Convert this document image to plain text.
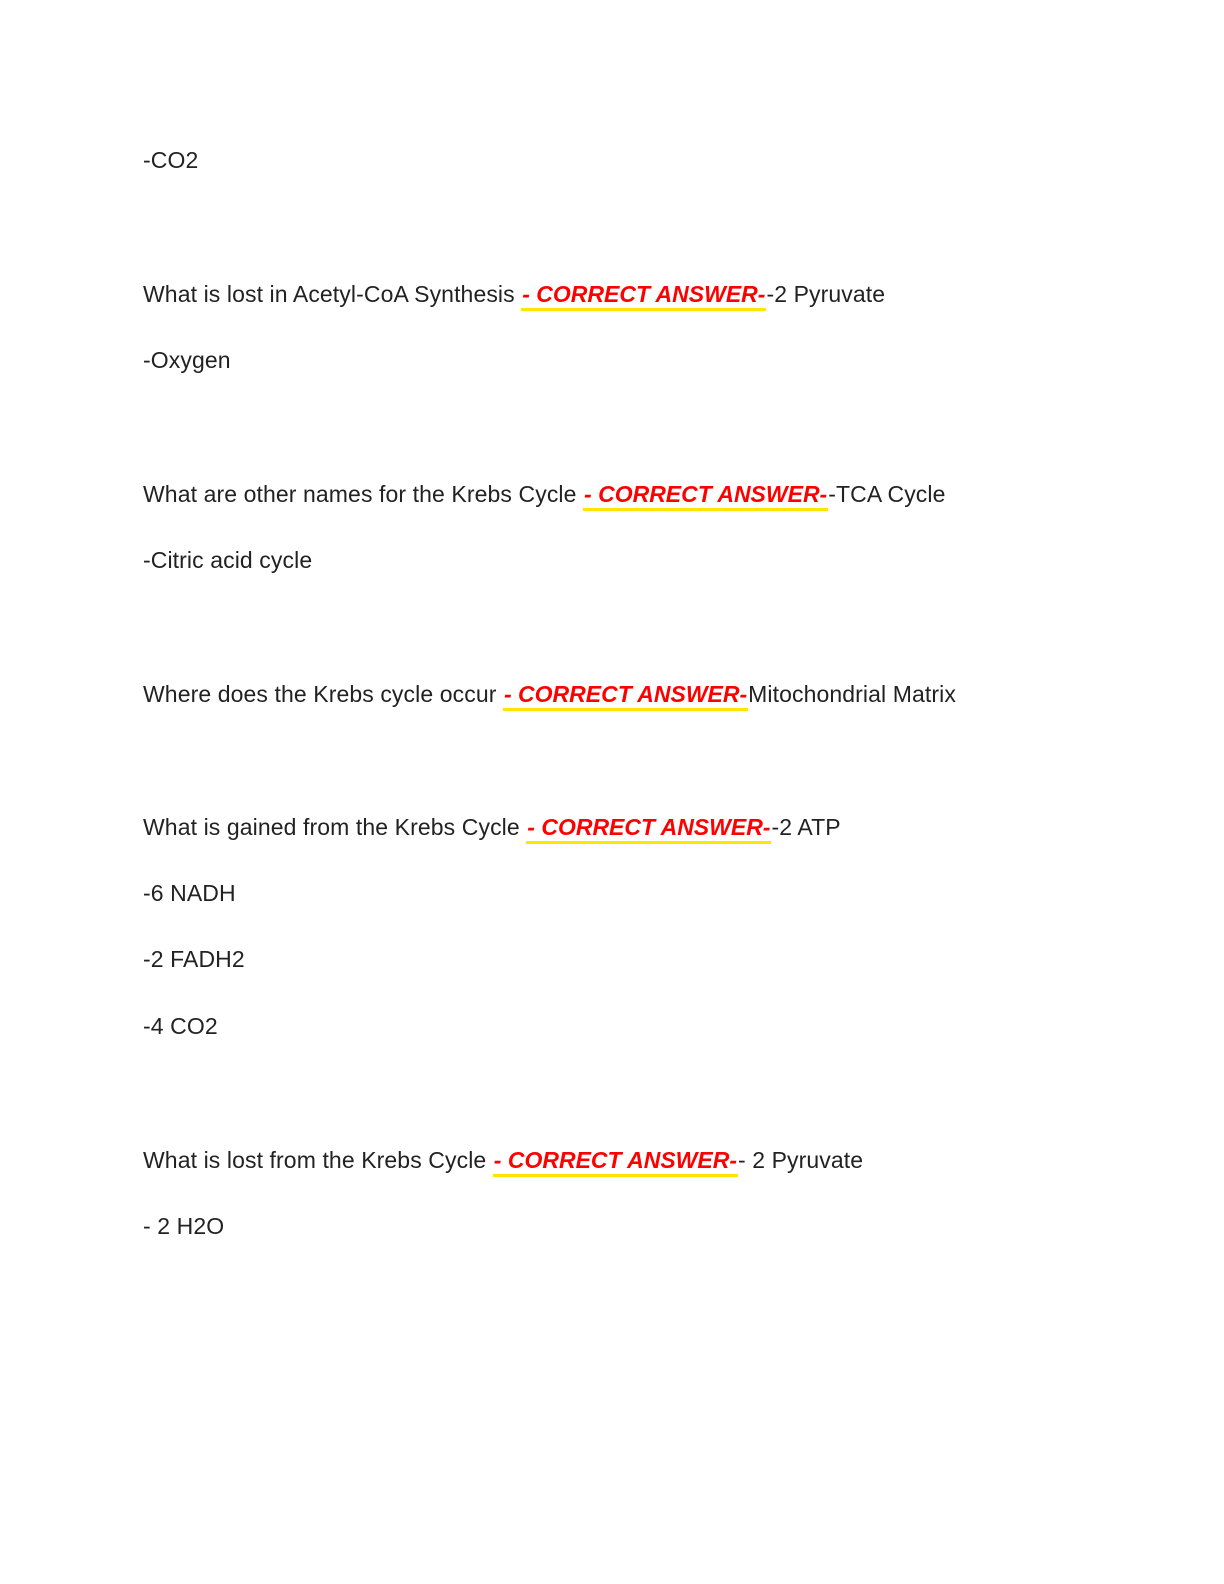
-CO2
What is lost in Acetyl-CoA Synthesis - CORRECT ANSWER--2 Pyruvate
-Oxygen
What are other names for the Krebs Cycle - CORRECT ANSWER--TCA Cycle
-Citric acid cycle
Where does the Krebs cycle occur - CORRECT ANSWER-Mitochondrial Matrix
What is gained from the Krebs Cycle - CORRECT ANSWER--2 ATP
-6 NADH
-2 FADH2
-4 CO2
What is lost from the Krebs Cycle - CORRECT ANSWER-- 2 Pyruvate
- 2 H2O
